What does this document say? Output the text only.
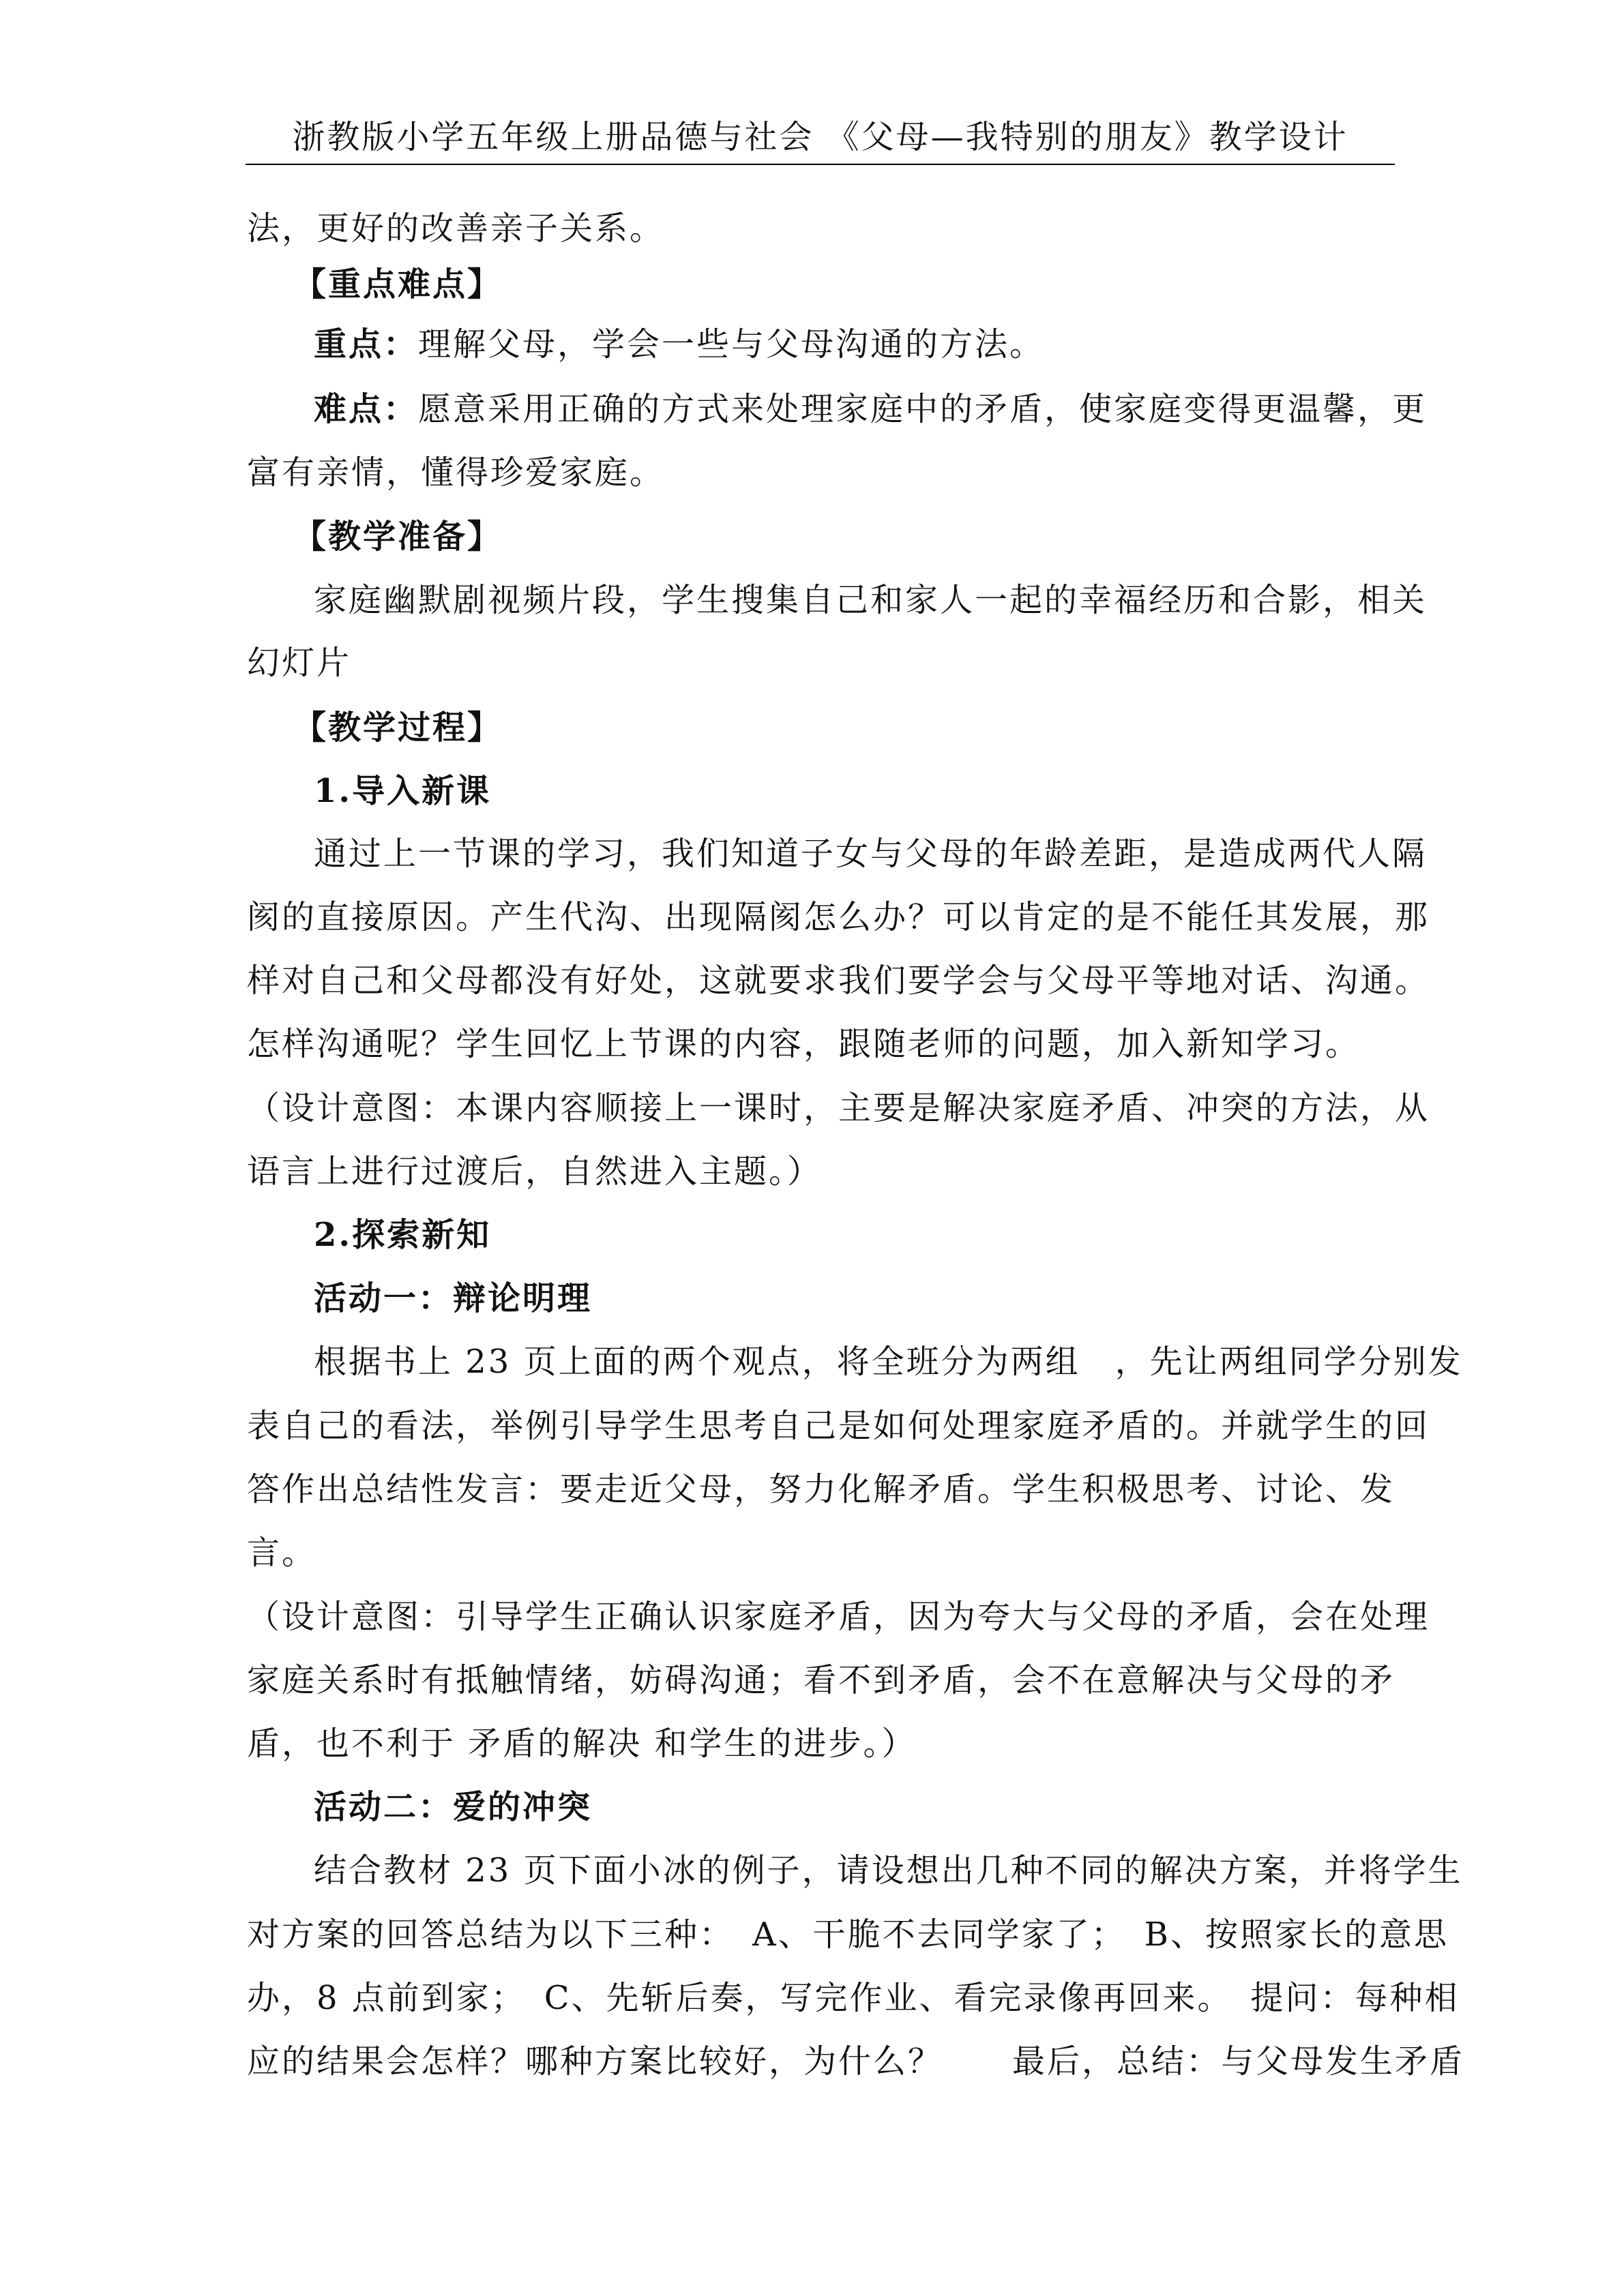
浙教版小学五年级上册品德与社会 《父母—我特别的朋友》教学设计
法，更好的改善亲子关系。
【重点难点】
重点：理解父母，学会一些与父母沟通的方法。
难点：愿意采用正确的方式来处理家庭中的矛盾，使家庭变得更温馨，更
富有亲情，懂得珍爱家庭。
【教学准备】
家庭幽默剧视频片段，学生搜集自己和家人一起的幸福经历和合影，相关
幻灯片
【教学过程】
1.导入新课
通过上一节课的学习，我们知道子女与父母的年龄差距，是造成两代人隔
阂的直接原因。产生代沟、出现隔阂怎么办？可以肯定的是不能任其发展，那
样对自己和父母都没有好处，这就要求我们要学会与父母平等地对话、沟通。
怎样沟通呢？学生回忆上节课的内容，跟随老师的问题，加入新知学习。
（设计意图：本课内容顺接上一课时，主要是解决家庭矛盾、冲突的方法，从
语言上进行过渡后，自然进入主题。）
2.探索新知
活动一：辩论明理
根据书上 23 页上面的两个观点，将全班分为两组　，先让两组同学分别发
表自己的看法，举例引导学生思考自己是如何处理家庭矛盾的。并就学生的回
答作出总结性发言：要走近父母，努力化解矛盾。学生积极思考、讨论、发
言。
（设计意图：引导学生正确认识家庭矛盾，因为夸大与父母的矛盾，会在处理
家庭关系时有抵触情绪，妨碍沟通；看不到矛盾，会不在意解决与父母的矛
盾，也不利于 矛盾的解决 和学生的进步。）
活动二：爱的冲突
结合教材 23 页下面小冰的例子，请设想出几种不同的解决方案，并将学生
对方案的回答总结为以下三种：　A、干脆不去同学家了；　B、按照家长的意思
办，8 点前到家；　C、先斩后奏，写完作业、看完录像再回来。　提问：每种相
应的结果会怎样？哪种方案比较好，为什么？　　最后，总结：与父母发生矛盾
